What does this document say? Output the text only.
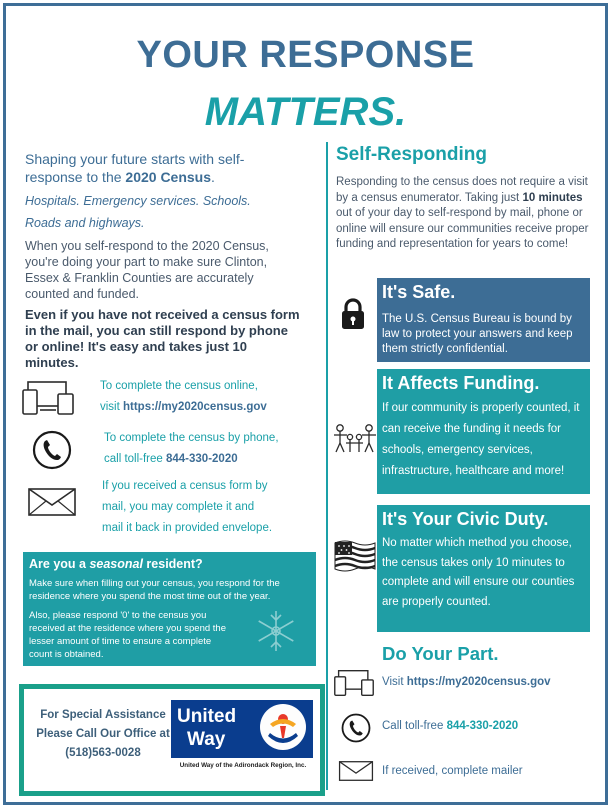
YOUR RESPONSE
MATTERS.
Shaping your future starts with self-response to the 2020 Census.
Hospitals. Emergency services. Schools.
Roads and highways.
When you self-respond to the 2020 Census, you're doing your part to make sure Clinton, Essex & Franklin Counties are accurately counted and funded.
Even if you have not received a census form in the mail, you can still respond by phone or online! It's easy and takes just 10 minutes.
To complete the census online,
visit https://my2020census.gov
To complete the census by phone,
call toll-free 844-330-2020
If you received a census form by
mail, you may complete it and
mail it back in provided envelope.
Are you a seasonal resident?

Make sure when filling out your census, you respond for the residence where you spend the most time out of the year.

Also, please respond '0' to the census you received at the residence where you spend the lesser amount of time to ensure a complete count is obtained.

For Special Assistance
Please Call Our Office at
(518)563-0028
United
Way
United Way of the Adirondack Region, Inc.
Self-Responding
Responding to the census does not require a visit by a census enumerator. Taking just 10 minutes out of your day to self-respond by mail, phone or online will ensure our communities receive proper funding and representation for years to come!
It's Safe.
The U.S. Census Bureau is bound by law to protect your answers and keep them strictly confidential.
It Affects Funding.
If our community is properly counted, it can receive the funding it needs for schools, emergency services, infrastructure, healthcare and more!
It's Your Civic Duty.
No matter which method you choose, the census takes only 10 minutes to complete and will ensure our counties are properly counted.
Do Your Part.
Visit https://my2020census.gov
Call toll-free 844-330-2020
If received, complete mailer
